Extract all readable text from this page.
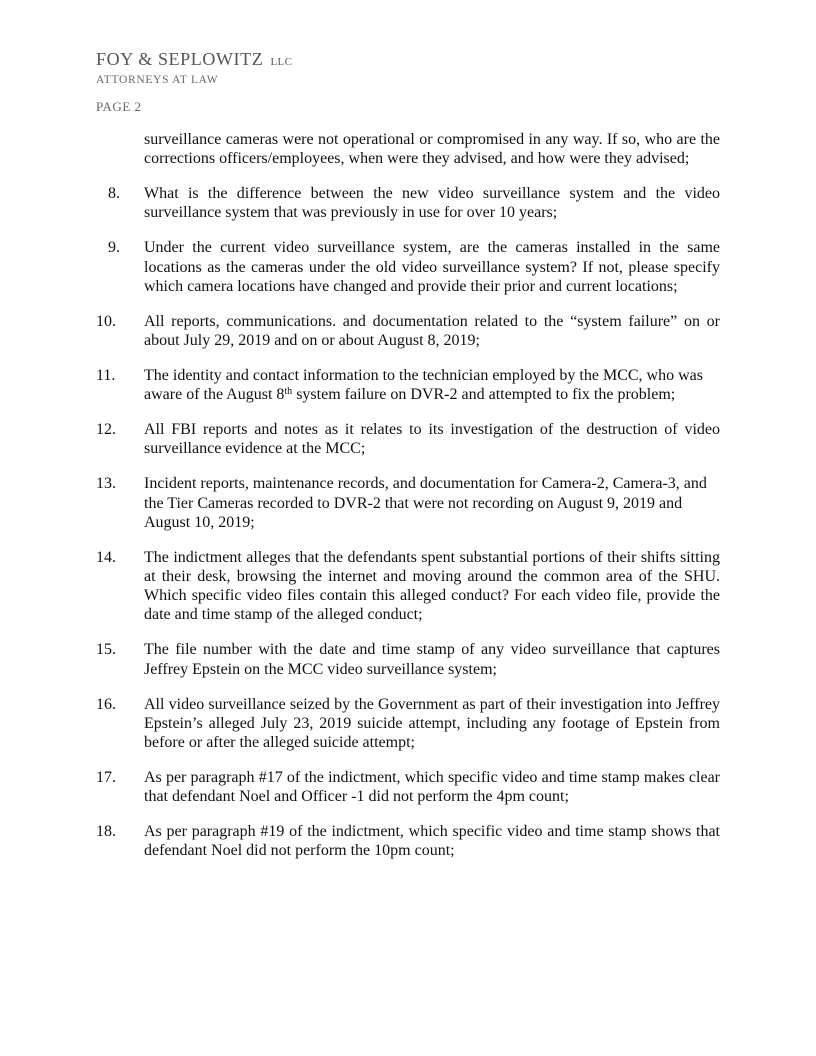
FOY & SEPLOWITZ LLC
ATTORNEYS AT LAW
PAGE 2
surveillance cameras were not operational or compromised in any way. If so, who are the corrections officers/employees, when were they advised, and how were they advised;
8.	What is the difference between the new video surveillance system and the video surveillance system that was previously in use for over 10 years;
9.	Under the current video surveillance system, are the cameras installed in the same locations as the cameras under the old video surveillance system? If not, please specify which camera locations have changed and provide their prior and current locations;
10.	All reports, communications. and documentation related to the “system failure” on or about July 29, 2019 and on or about August 8, 2019;
11.	The identity and contact information to the technician employed by the MCC, who was aware of the August 8th system failure on DVR-2 and attempted to fix the problem;
12.	All FBI reports and notes as it relates to its investigation of the destruction of video surveillance evidence at the MCC;
13.	Incident reports, maintenance records, and documentation for Camera-2, Camera-3, and the Tier Cameras recorded to DVR-2 that were not recording on August 9, 2019 and August 10, 2019;
14.	The indictment alleges that the defendants spent substantial portions of their shifts sitting at their desk, browsing the internet and moving around the common area of the SHU.  Which specific video files contain this alleged conduct? For each video file, provide the date and time stamp of the alleged conduct;
15.	The file number with the date and time stamp of any video surveillance that captures Jeffrey Epstein on the MCC video surveillance system;
16.	All video surveillance seized by the Government as part of their investigation into Jeffrey Epstein’s alleged July 23, 2019 suicide attempt, including any footage of Epstein from before or after the alleged suicide attempt;
17.	As per paragraph #17 of the indictment, which specific video and time stamp makes clear that defendant Noel and Officer -1 did not perform the 4pm count;
18.	As per paragraph #19 of the indictment, which specific video and time stamp shows that defendant Noel did not perform the 10pm count;
